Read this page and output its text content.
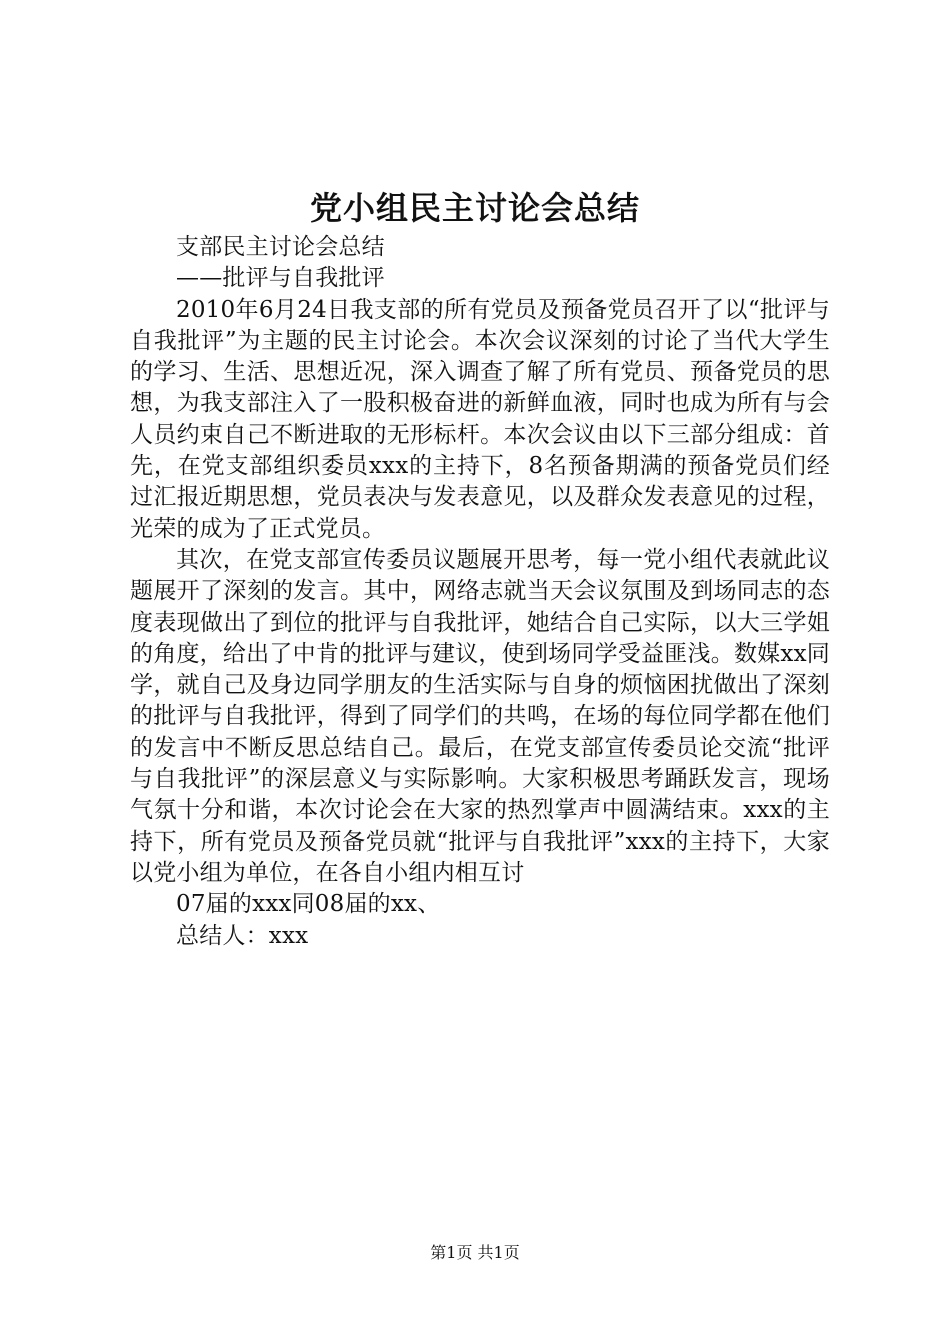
党小组民主讨论会总结
支部民主讨论会总结
——批评与自我批评

2010年6月24日我支部的所有党员及预备党员召开了以“批评与自我批评”为主题的民主讨论会。本次会议深刻的讨论了当代大学生的学习、生活、思想近况，深入调查了解了所有党员、预备党员的思想，为我支部注入了一股积极奋进的新鲜血液，同时也成为所有与会人员约束自己不断进取的无形标杆。本次会议由以下三部分组成：首先，在党支部组织委员xxx的主持下，8名预备期满的预备党员们经过汇报近期思想，党员表决与发表意见，以及群众发表意见的过程，光荣的成为了正式党员。

其次，在党支部宣传委员议题展开思考，每一党小组代表就此议题展开了深刻的发言。其中，网络志就当天会议氛围及到场同志的态度表现做出了到位的批评与自我批评，她结合自己实际，以大三学姐的角度，给出了中肯的批评与建议，使到场同学受益匪浅。数媒xx同学，就自己及身边同学朋友的生活实际与自身的烦恼困扰做出了深刻的批评与自我批评，得到了同学们的共鸣，在场的每位同学都在他们的发言中不断反思总结自己。最后，在党支部宣传委员论交流“批评与自我批评”的深层意义与实际影响。大家积极思考踊跃发言，现场气氛十分和谐，本次讨论会在大家的热烈掌声中圆满结束。xxx的主持下，所有党员及预备党员就“批评与自我批评”xxx的主持下，大家以党小组为单位，在各自小组内相互讨

07届的xxx同08届的xx、
总结人：xxx
第1页 共1页
